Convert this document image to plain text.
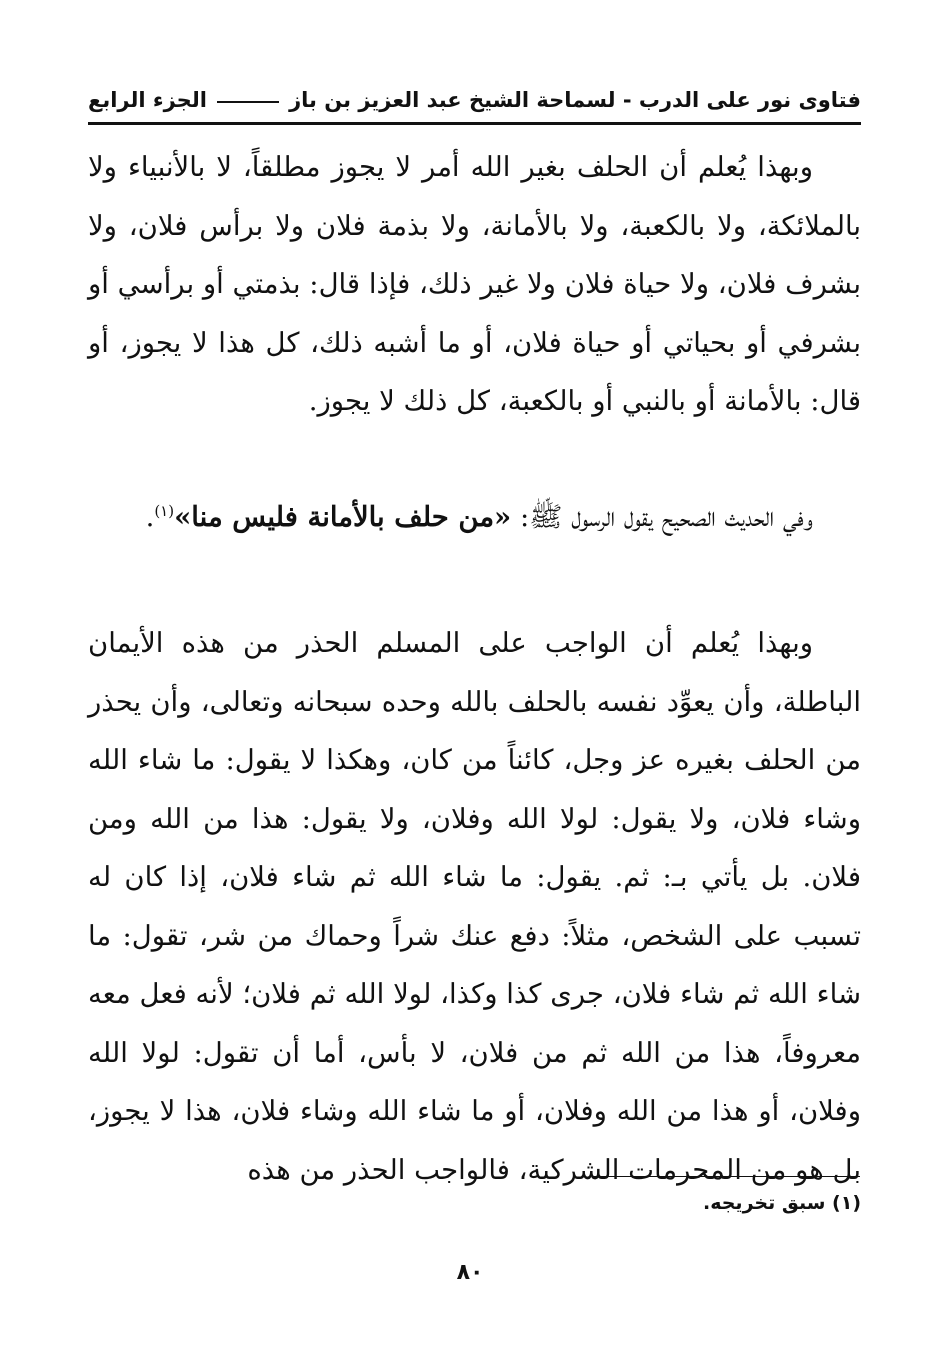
فتاوى نور على الدرب - لسماحة الشيخ عبد العزيز بن باز
الجزء الرابع

وبهذا يُعلم أن الحلف بغير الله أمر لا يجوز مطلقاً، لا بالأنبياء ولا بالملائكة، ولا بالكعبة، ولا بالأمانة، ولا بذمة فلان ولا برأس فلان، ولا بشرف فلان، ولا حياة فلان ولا غير ذلك، فإذا قال: بذمتي أو برأسي أو بشرفي أو بحياتي أو حياة فلان، أو ما أشبه ذلك، كل هذا لا يجوز، أو قال: بالأمانة أو بالنبي أو بالكعبة، كل ذلك لا يجوز.

وفي الحديث الصحيح يقول الرسول ﷺ: «من حلف بالأمانة فليس منا»$^{(١)}$.

وبهذا يُعلم أن الواجب على المسلم الحذر من هذه الأيمان الباطلة، وأن يعوِّد نفسه بالحلف بالله وحده سبحانه وتعالى، وأن يحذر من الحلف بغيره عز وجل، كائناً من كان، وهكذا لا يقول: ما شاء الله وشاء فلان، ولا يقول: لولا الله وفلان، ولا يقول: هذا من الله ومن فلان. بل يأتي بـ: ثم. يقول: ما شاء الله ثم شاء فلان، إذا كان له تسبب على الشخص، مثلاً: دفع عنك شراً وحماك من شر، تقول: ما شاء الله ثم شاء فلان، جرى كذا وكذا، لولا الله ثم فلان؛ لأنه فعل معه معروفاً، هذا من الله ثم من فلان، لا بأس، أما أن تقول: لولا الله وفلان، أو هذا من الله وفلان، أو ما شاء الله وشاء فلان، هذا لا يجوز، بل هو من المحرمات الشركية، فالواجب الحذر من هذه

(١) سبق تخريجه.
٨٠
